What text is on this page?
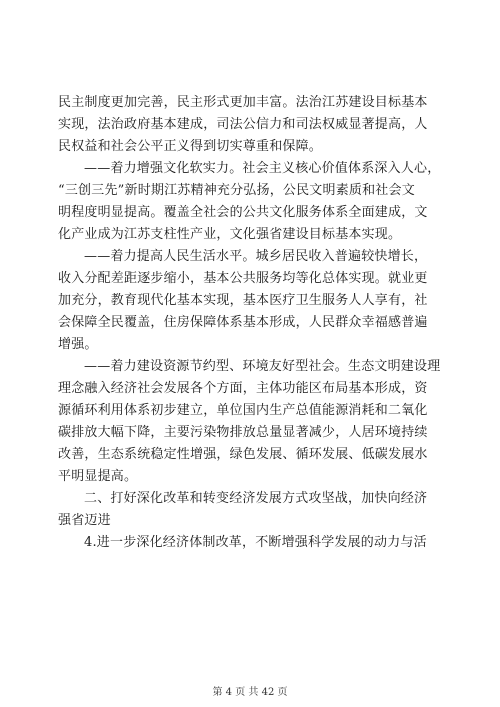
民主制度更加完善，民主形式更加丰富。法治江苏建设目标基本
实现，法治政府基本建成，司法公信力和司法权威显著提高，人
民权益和社会公平正义得到切实尊重和保障。
——着力增强文化软实力。社会主义核心价值体系深入人心，
“三创三先”新时期江苏精神充分弘扬，公民文明素质和社会文
明程度明显提高。覆盖全社会的公共文化服务体系全面建成，文
化产业成为江苏支柱性产业，文化强省建设目标基本实现。
——着力提高人民生活水平。城乡居民收入普遍较快增长，
收入分配差距逐步缩小，基本公共服务均等化总体实现。就业更
加充分，教育现代化基本实现，基本医疗卫生服务人人享有，社
会保障全民覆盖，住房保障体系基本形成，人民群众幸福感普遍
增强。
——着力建设资源节约型、环境友好型社会。生态文明建设理
理念融入经济社会发展各个方面，主体功能区布局基本形成，资
源循环利用体系初步建立，单位国内生产总值能源消耗和二氧化
碳排放大幅下降，主要污染物排放总量显著减少，人居环境持续
改善，生态系统稳定性增强，绿色发展、循环发展、低碳发展水
平明显提高。
二、打好深化改革和转变经济发展方式攻坚战，加快向经济
强省迈进
4.进一步深化经济体制改革，不断增强科学发展的动力与活
第 4 页 共 42 页
